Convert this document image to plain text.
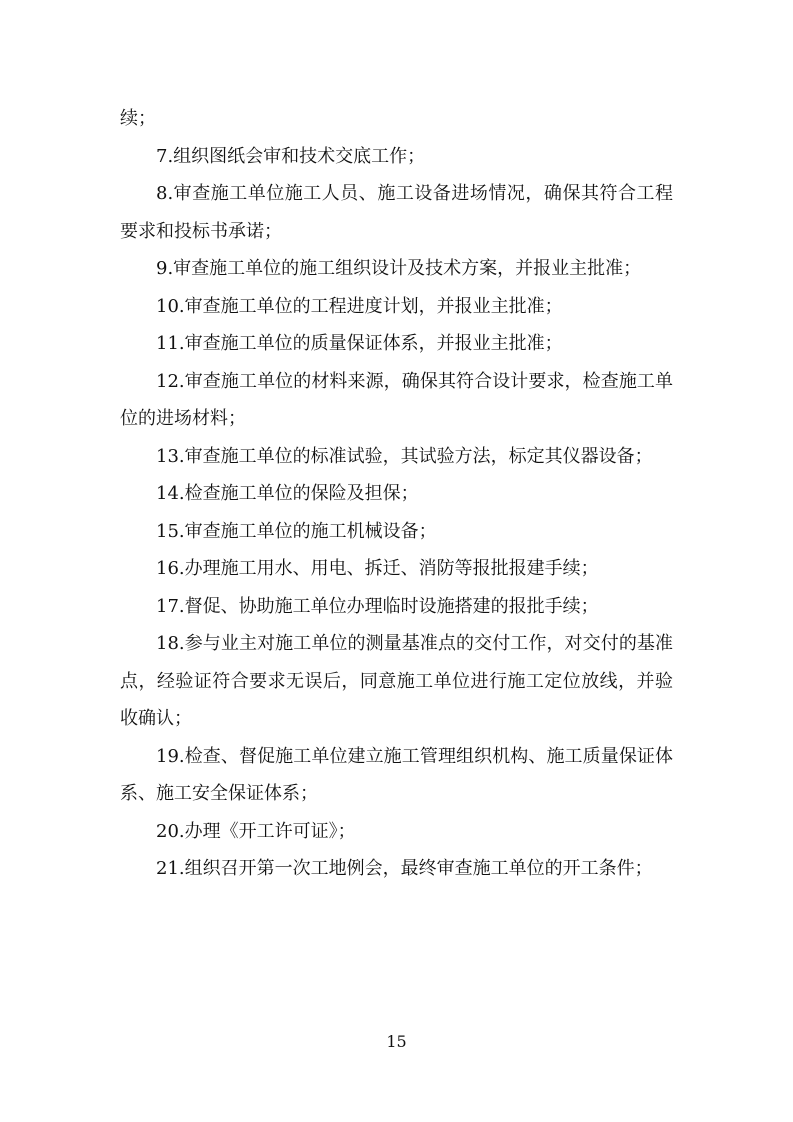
续；

7.组织图纸会审和技术交底工作；

8.审查施工单位施工人员、施工设备进场情况，确保其符合工程要求和投标书承诺；

9.审查施工单位的施工组织设计及技术方案，并报业主批准；

10.审查施工单位的工程进度计划，并报业主批准；

11.审查施工单位的质量保证体系，并报业主批准；

12.审查施工单位的材料来源，确保其符合设计要求，检查施工单位的进场材料；

13.审查施工单位的标准试验，其试验方法，标定其仪器设备；

14.检查施工单位的保险及担保；

15.审查施工单位的施工机械设备；

16.办理施工用水、用电、拆迁、消防等报批报建手续；

17.督促、协助施工单位办理临时设施搭建的报批手续；

18.参与业主对施工单位的测量基准点的交付工作，对交付的基准点，经验证符合要求无误后，同意施工单位进行施工定位放线，并验收确认；

19.检查、督促施工单位建立施工管理组织机构、施工质量保证体系、施工安全保证体系；

20.办理《开工许可证》；

21.组织召开第一次工地例会，最终审查施工单位的开工条件；

15
